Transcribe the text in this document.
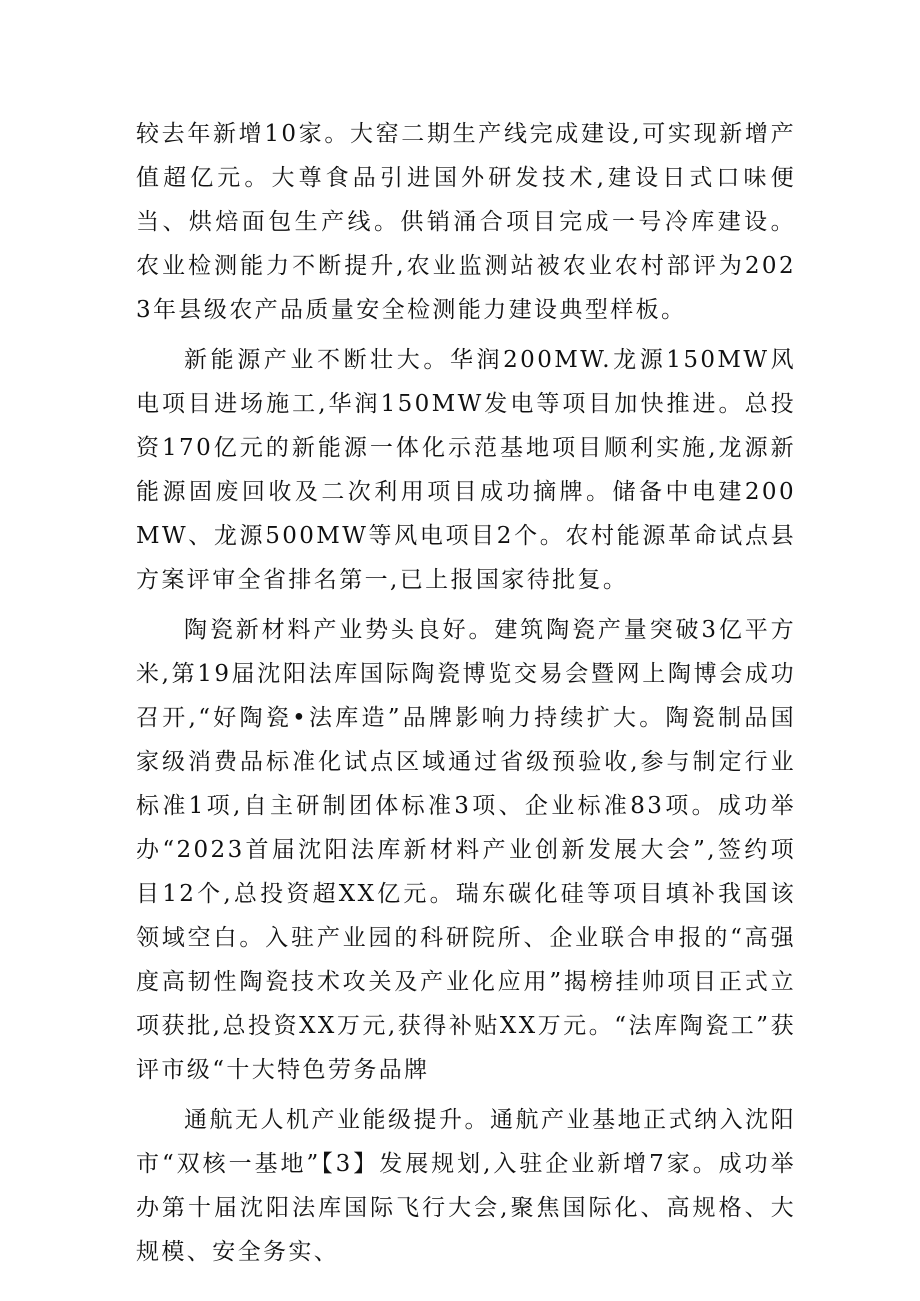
较去年新增10家。大窑二期生产线完成建设,可实现新增产值超亿元。大尊食品引进国外研发技术,建设日式口味便当、烘焙面包生产线。供销涌合项目完成一号冷库建设。农业检测能力不断提升,农业监测站被农业农村部评为2023年县级农产品质量安全检测能力建设典型样板。

新能源产业不断壮大。华润200MW.龙源150MW风电项目进场施工,华润150MW发电等项目加快推进。总投资170亿元的新能源一体化示范基地项目顺利实施,龙源新能源固废回收及二次利用项目成功摘牌。储备中电建200MW、龙源500MW等风电项目2个。农村能源革命试点县方案评审全省排名第一,已上报国家待批复。

陶瓷新材料产业势头良好。建筑陶瓷产量突破3亿平方米,第19届沈阳法库国际陶瓷博览交易会暨网上陶博会成功召开,“好陶瓷•法库造”品牌影响力持续扩大。陶瓷制品国家级消费品标准化试点区域通过省级预验收,参与制定行业标准1项,自主研制团体标准3项、企业标准83项。成功举办“2023首届沈阳法库新材料产业创新发展大会”,签约项目12个,总投资超XX亿元。瑞东碳化硅等项目填补我国该领域空白。入驻产业园的科研院所、企业联合申报的“高强度高韧性陶瓷技术攻关及产业化应用”揭榜挂帅项目正式立项获批,总投资XX万元,获得补贴XX万元。“法库陶瓷工”获评市级“十大特色劳务品牌

通航无人机产业能级提升。通航产业基地正式纳入沈阳市“双核一基地”【3】发展规划,入驻企业新增7家。成功举办第十届沈阳法库国际飞行大会,聚焦国际化、高规格、大规模、安全务实、
